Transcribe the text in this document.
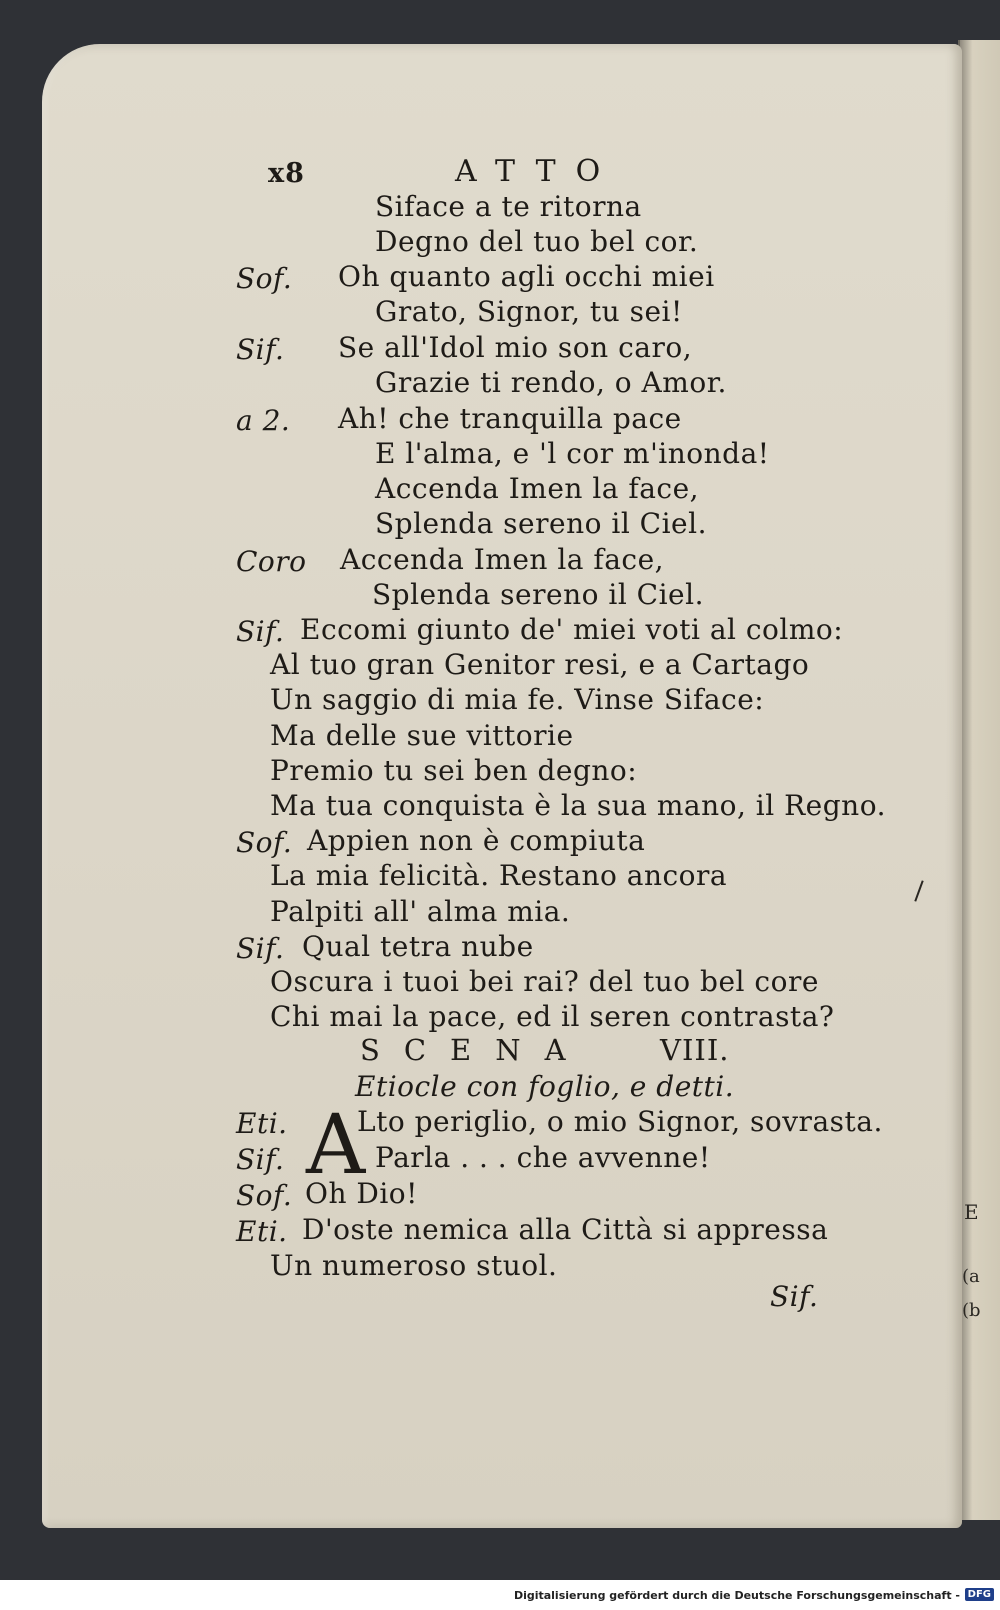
E
(a
(b
x8	ATTO
Siface a te ritorna
Degno del tuo bel cor.
Sof. Oh quanto agli occhi miei
Grato, Signor, tu sei!
Sif. Se all'Idol mio son caro,
Grazie ti rendo, o Amor.
a 2. Ah! che tranquilla pace
E l'alma, e 'l cor m'inonda!
Accenda Imen la face,
Splenda sereno il Ciel.
Coro Accenda Imen la face,
Splenda sereno il Ciel.
Sif. Eccomi giunto de' miei voti al colmo:
Al tuo gran Genitor resi, e a Cartago
Un saggio di mia fe. Vinse Siface:
Ma delle sue vittorie
Premio tu sei ben degno:
Ma tua conquista è la sua mano, il Regno.
Sof. Appien non è compiuta
La mia felicità. Restano ancora
Palpiti all' alma mia.
Sif. Qual tetra nube
Oscura i tuoi bei rai? del tuo bel core
Chi mai la pace, ed il seren contrasta?
SCENA VIII.
Etiocle con foglio, e detti.
A
Eti. Lto periglio, o mio Signor, sovrasta.
Sif.	Parla . . . che avvenne!
Sof. Oh Dio!
Eti. D'oste nemica alla Città si appressa
Un numeroso stuol.
Sif.
Digitalisierung gefördert durch die Deutsche Forschungsgemeinschaft - DFG
